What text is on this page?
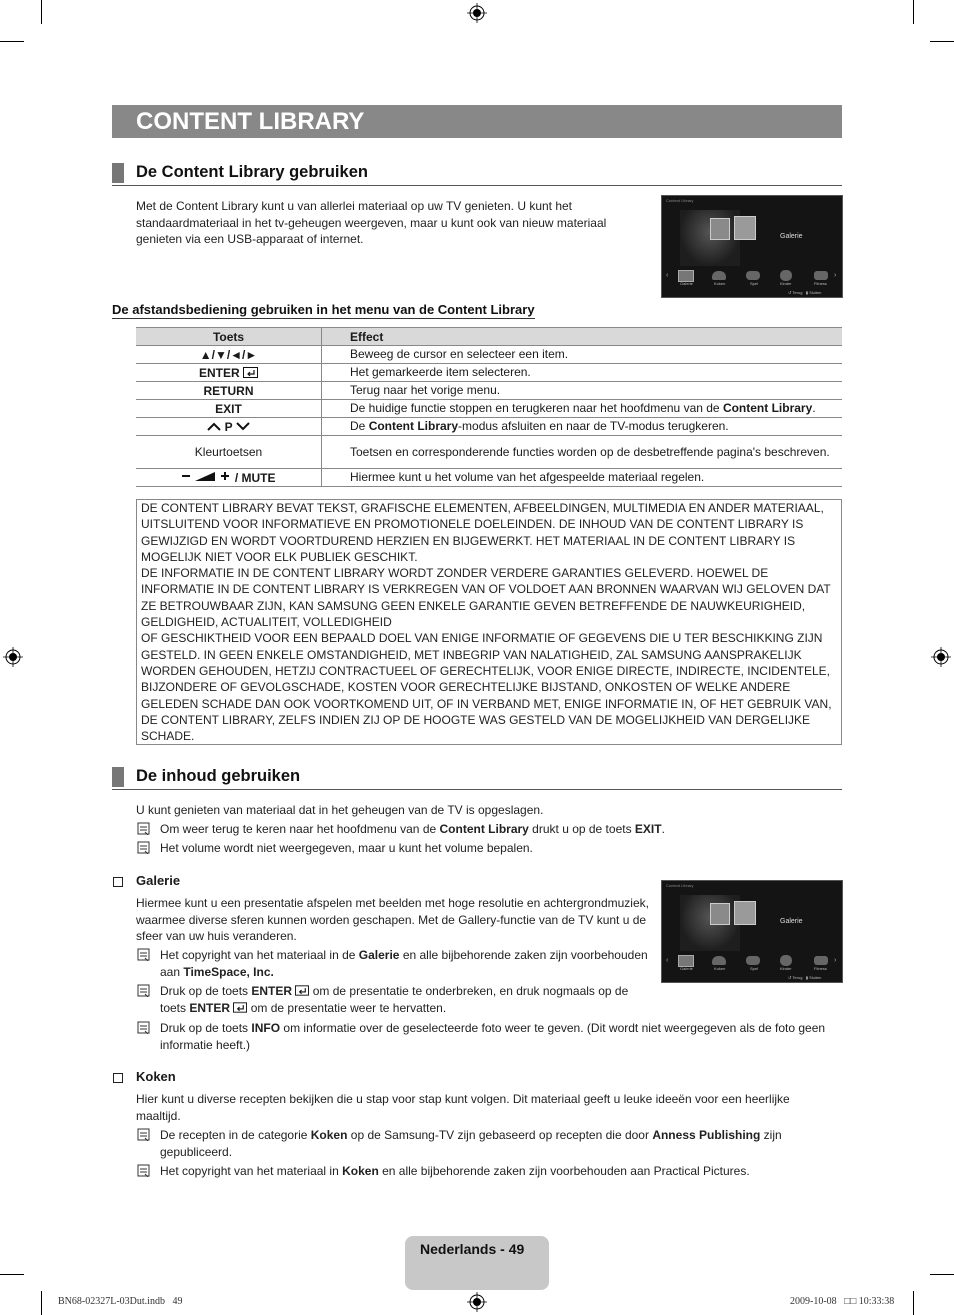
CONTENT LIBRARY
De Content Library gebruiken
Met de Content Library kunt u van allerlei materiaal op uw TV genieten. U kunt het standaardmateriaal in het tv-geheugen weergeven, maar u kunt ook van nieuw materiaal genieten via een USB-apparaat of internet.
Content Library
Galerie
‹	›
Galerie	Koken	Spel	Kinder	Fitness
↺ Terug ▮ Sluiten
De afstandsbediening gebruiken in het menu van de Content Library
Toets	Effect
▲/▼/◄/►	Beweeg de cursor en selecteer een item.
ENTER	Het gemarkeerde item selecteren.
RETURN	Terug naar het vorige menu.
EXIT	De huidige functie stoppen en terugkeren naar het hoofdmenu van de Content Library.
P	De Content Library-modus afsluiten en naar de TV-modus terugkeren.
Kleurtoetsen	Toetsen en corresponderende functies worden op de desbetreffende pagina's beschreven.
/ MUTE	Hiermee kunt u het volume van het afgespeelde materiaal regelen.
DE CONTENT LIBRARY BEVAT TEKST, GRAFISCHE ELEMENTEN, AFBEELDINGEN, MULTIMEDIA EN ANDER MATERIAAL, UITSLUITEND VOOR INFORMATIEVE EN PROMOTIONELE DOELEINDEN. DE INHOUD VAN DE CONTENT LIBRARY IS GEWIJZIGD EN WORDT VOORTDUREND HERZIEN EN BIJGEWERKT. HET MATERIAAL IN DE CONTENT LIBRARY IS MOGELIJK NIET VOOR ELK PUBLIEK GESCHIKT.
DE INFORMATIE IN DE CONTENT LIBRARY WORDT ZONDER VERDERE GARANTIES GELEVERD. HOEWEL DE INFORMATIE IN DE CONTENT LIBRARY IS VERKREGEN VAN OF VOLDOET AAN BRONNEN WAARVAN WIJ GELOVEN DAT ZE BETROUWBAAR ZIJN, KAN SAMSUNG GEEN ENKELE GARANTIE GEVEN BETREFFENDE DE NAUWKEURIGHEID, GELDIGHEID, ACTUALITEIT, VOLLEDIGHEID
OF GESCHIKTHEID VOOR EEN BEPAALD DOEL VAN ENIGE INFORMATIE OF GEGEVENS DIE U TER BESCHIKKING ZIJN GESTELD. IN GEEN ENKELE OMSTANDIGHEID, MET INBEGRIP VAN NALATIGHEID, ZAL SAMSUNG AANSPRAKELIJK WORDEN GEHOUDEN, HETZIJ CONTRACTUEEL OF GERECHTELIJK, VOOR ENIGE DIRECTE, INDIRECTE, INCIDENTELE, BIJZONDERE OF GEVOLGSCHADE, KOSTEN VOOR GERECHTELIJKE BIJSTAND, ONKOSTEN OF WELKE ANDERE GELEDEN SCHADE DAN OOK VOORTKOMEND UIT, OF IN VERBAND MET, ENIGE INFORMATIE IN, OF HET GEBRUIK VAN, DE CONTENT LIBRARY, ZELFS INDIEN ZIJ OP DE HOOGTE WAS GESTELD VAN DE MOGELIJKHEID VAN DERGELIJKE SCHADE.
De inhoud gebruiken
U kunt genieten van materiaal dat in het geheugen van de TV is opgeslagen.
Om weer terug te keren naar het hoofdmenu van de Content Library drukt u op de toets EXIT.
Het volume wordt niet weergegeven, maar u kunt het volume bepalen.
Galerie
Hiermee kunt u een presentatie afspelen met beelden met hoge resolutie en achtergrondmuziek, waarmee diverse sferen kunnen worden geschapen. Met de Gallery-functie van de TV kunt u de sfeer van uw huis veranderen.
Content Library
Galerie
‹	›
Galerie	Koken	Spel	Kinder	Fitness
↺ Terug ▮ Sluiten
Het copyright van het materiaal in de Galerie en alle bijbehorende zaken zijn voorbehouden aan TimeSpace, Inc.
Druk op de toets ENTER  om de presentatie te onderbreken, en druk nogmaals op de toets ENTER  om de presentatie weer te hervatten.
Druk op de toets INFO om informatie over de geselecteerde foto weer te geven. (Dit wordt niet weergegeven als de foto geen informatie heeft.)
Koken
Hier kunt u diverse recepten bekijken die u stap voor stap kunt volgen. Dit materiaal geeft u leuke ideeën voor een heerlijke maaltijd.
De recepten in de categorie Koken op de Samsung-TV zijn gebaseerd op recepten die door Anness Publishing zijn gepubliceerd.
Het copyright van het materiaal in Koken en alle bijbehorende zaken zijn voorbehouden aan Practical Pictures.
Nederlands - 49
BN68-02327L-03Dut.indb   49	2009-10-08   □□ 10:33:38
